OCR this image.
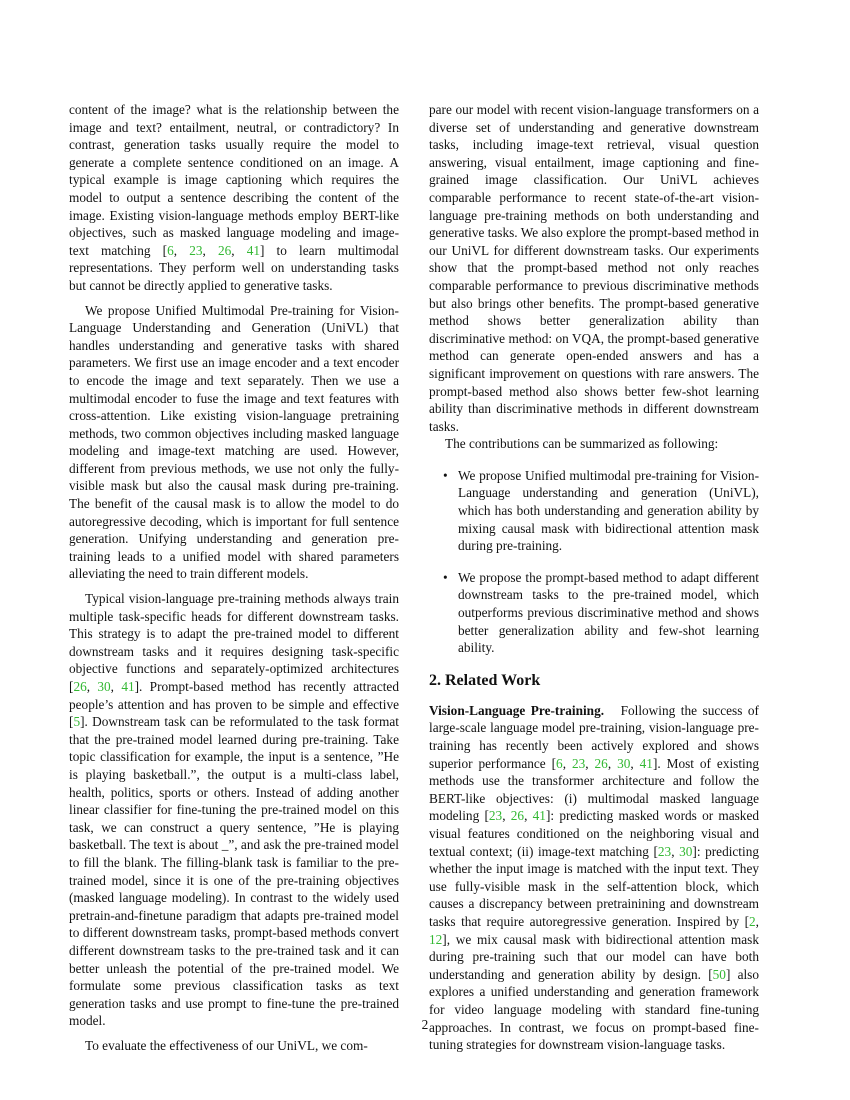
content of the image? what is the relationship between the image and text? entailment, neutral, or contradictory? In contrast, generation tasks usually require the model to generate a complete sentence conditioned on an image. A typical example is image captioning which requires the model to output a sentence describing the content of the image. Existing vision-language methods employ BERT-like objectives, such as masked language modeling and image-text matching [6, 23, 26, 41] to learn multimodal representations. They perform well on understanding tasks but cannot be directly applied to generative tasks.

We propose Unified Multimodal Pre-training for Vision-Language Understanding and Generation (UniVL) that handles understanding and generative tasks with shared parameters. We first use an image encoder and a text encoder to encode the image and text separately. Then we use a multimodal encoder to fuse the image and text features with cross-attention. Like existing vision-language pretraining methods, two common objectives including masked language modeling and image-text matching are used. However, different from previous methods, we use not only the fully-visible mask but also the causal mask during pre-training. The benefit of the causal mask is to allow the model to do autoregressive decoding, which is important for full sentence generation. Unifying understanding and generation pre-training leads to a unified model with shared parameters alleviating the need to train different models.

Typical vision-language pre-training methods always train multiple task-specific heads for different downstream tasks. This strategy is to adapt the pre-trained model to different downstream tasks and it requires designing task-specific objective functions and separately-optimized architectures [26, 30, 41]. Prompt-based method has recently attracted people’s attention and has proven to be simple and effective [5]. Downstream task can be reformulated to the task format that the pre-trained model learned during pre-training. Take topic classification for example, the input is a sentence, ”He is playing basketball.”, the output is a multi-class label, health, politics, sports or others. Instead of adding another linear classifier for fine-tuning the pre-trained model on this task, we can construct a query sentence, ”He is playing basketball. The text is about _”, and ask the pre-trained model to fill the blank. The filling-blank task is familiar to the pre-trained model, since it is one of the pre-training objectives (masked language modeling). In contrast to the widely used pretrain-and-finetune paradigm that adapts pre-trained model to different downstream tasks, prompt-based methods convert different downstream tasks to the pre-trained task and it can better unleash the potential of the pre-trained model. We formulate some previous classification tasks as text generation tasks and use prompt to fine-tune the pre-trained model.

To evaluate the effectiveness of our UniVL, we com-

pare our model with recent vision-language transformers on a diverse set of understanding and generative downstream tasks, including image-text retrieval, visual question answering, visual entailment, image captioning and fine-grained image classification. Our UniVL achieves comparable performance to recent state-of-the-art vision-language pre-training methods on both understanding and generative tasks. We also explore the prompt-based method in our UniVL for different downstream tasks. Our experiments show that the prompt-based method not only reaches comparable performance to previous discriminative methods but also brings other benefits. The prompt-based generative method shows better generalization ability than discriminative method: on VQA, the prompt-based generative method can generate open-ended answers and has a significant improvement on questions with rare answers. The prompt-based method also shows better few-shot learning ability than discriminative methods in different downstream tasks.

The contributions can be summarized as following:

• We propose Unified multimodal pre-training for Vision-Language understanding and generation (UniVL), which has both understanding and generation ability by mixing causal mask with bidirectional attention mask during pre-training.
• We propose the prompt-based method to adapt different downstream tasks to the pre-trained model, which outperforms previous discriminative method and shows better generalization ability and few-shot learning ability.
2. Related Work

Vision-Language Pre-training. Following the success of large-scale language model pre-training, vision-language pre-training has recently been actively explored and shows superior performance [6, 23, 26, 30, 41]. Most of existing methods use the transformer architecture and follow the BERT-like objectives: (i) multimodal masked language modeling [23, 26, 41]: predicting masked words or masked visual features conditioned on the neighboring visual and textual context; (ii) image-text matching [23, 30]: predicting whether the input image is matched with the input text. They use fully-visible mask in the self-attention block, which causes a discrepancy between pretrainining and downstream tasks that require autoregressive generation. Inspired by [2, 12], we mix causal mask with bidirectional attention mask during pre-training such that our model can have both understanding and generation ability by design. [50] also explores a unified understanding and generation framework for video language modeling with standard fine-tuning approaches. In contrast, we focus on prompt-based fine-tuning strategies for downstream vision-language tasks.

2
